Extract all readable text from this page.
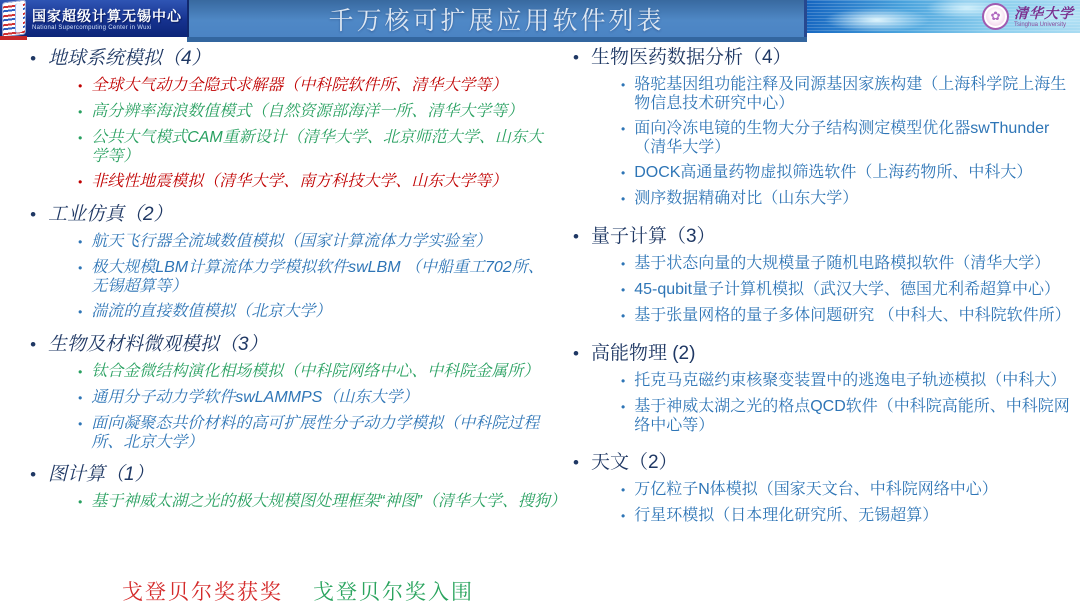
国家超级计算无锡中心
National Supercomputing Center in Wuxi	千万核可扩展应用软件列表 ✿	清华大学
Tsinghua University
• 地球系统模拟（4）
• 全球大气动力全隐式求解器（中科院软件所、清华大学等）
• 高分辨率海浪数值模式（自然资源部海洋一所、清华大学等）
• 公共大气模式CAM重新设计（清华大学、北京师范大学、山东大学等）
• 非线性地震模拟（清华大学、南方科技大学、山东大学等）
• 工业仿真（2）
• 航天飞行器全流域数值模拟（国家计算流体力学实验室）
• 极大规模LBM计算流体力学模拟软件swLBM （中船重工702所、无锡超算等）
• 湍流的直接数值模拟（北京大学）
• 生物及材料微观模拟（3）
• 钛合金微结构演化相场模拟（中科院网络中心、中科院金属所）
• 通用分子动力学软件swLAMMPS（山东大学）
• 面向凝聚态共价材料的高可扩展性分子动力学模拟（中科院过程所、北京大学）
• 图计算（1）
• 基于神威太湖之光的极大规模图处理框架“神图”（清华大学、搜狗）
• 生物医药数据分析（4）
• 骆驼基因组功能注释及同源基因家族构建（上海科学院上海生物信息技术研究中心）
• 面向冷冻电镜的生物大分子结构测定模型优化器swThunder（清华大学）
• DOCK高通量药物虚拟筛选软件（上海药物所、中科大）
• 测序数据精确对比（山东大学）
• 量子计算（3）
• 基于状态向量的大规模量子随机电路模拟软件（清华大学）
• 45-qubit量子计算机模拟（武汉大学、德国尤利希超算中心）
• 基于张量网格的量子多体问题研究 （中科大、中科院软件所）
• 高能物理 (2)
• 托克马克磁约束核聚变装置中的逃逸电子轨迹模拟（中科大）
• 基于神威太湖之光的格点QCD软件（中科院高能所、中科院网络中心等）
• 天文（2）
• 万亿粒子N体模拟（国家天文台、中科院网络中心）
• 行星环模拟（日本理化研究所、无锡超算）
戈登贝尔奖获奖 戈登贝尔奖入围
